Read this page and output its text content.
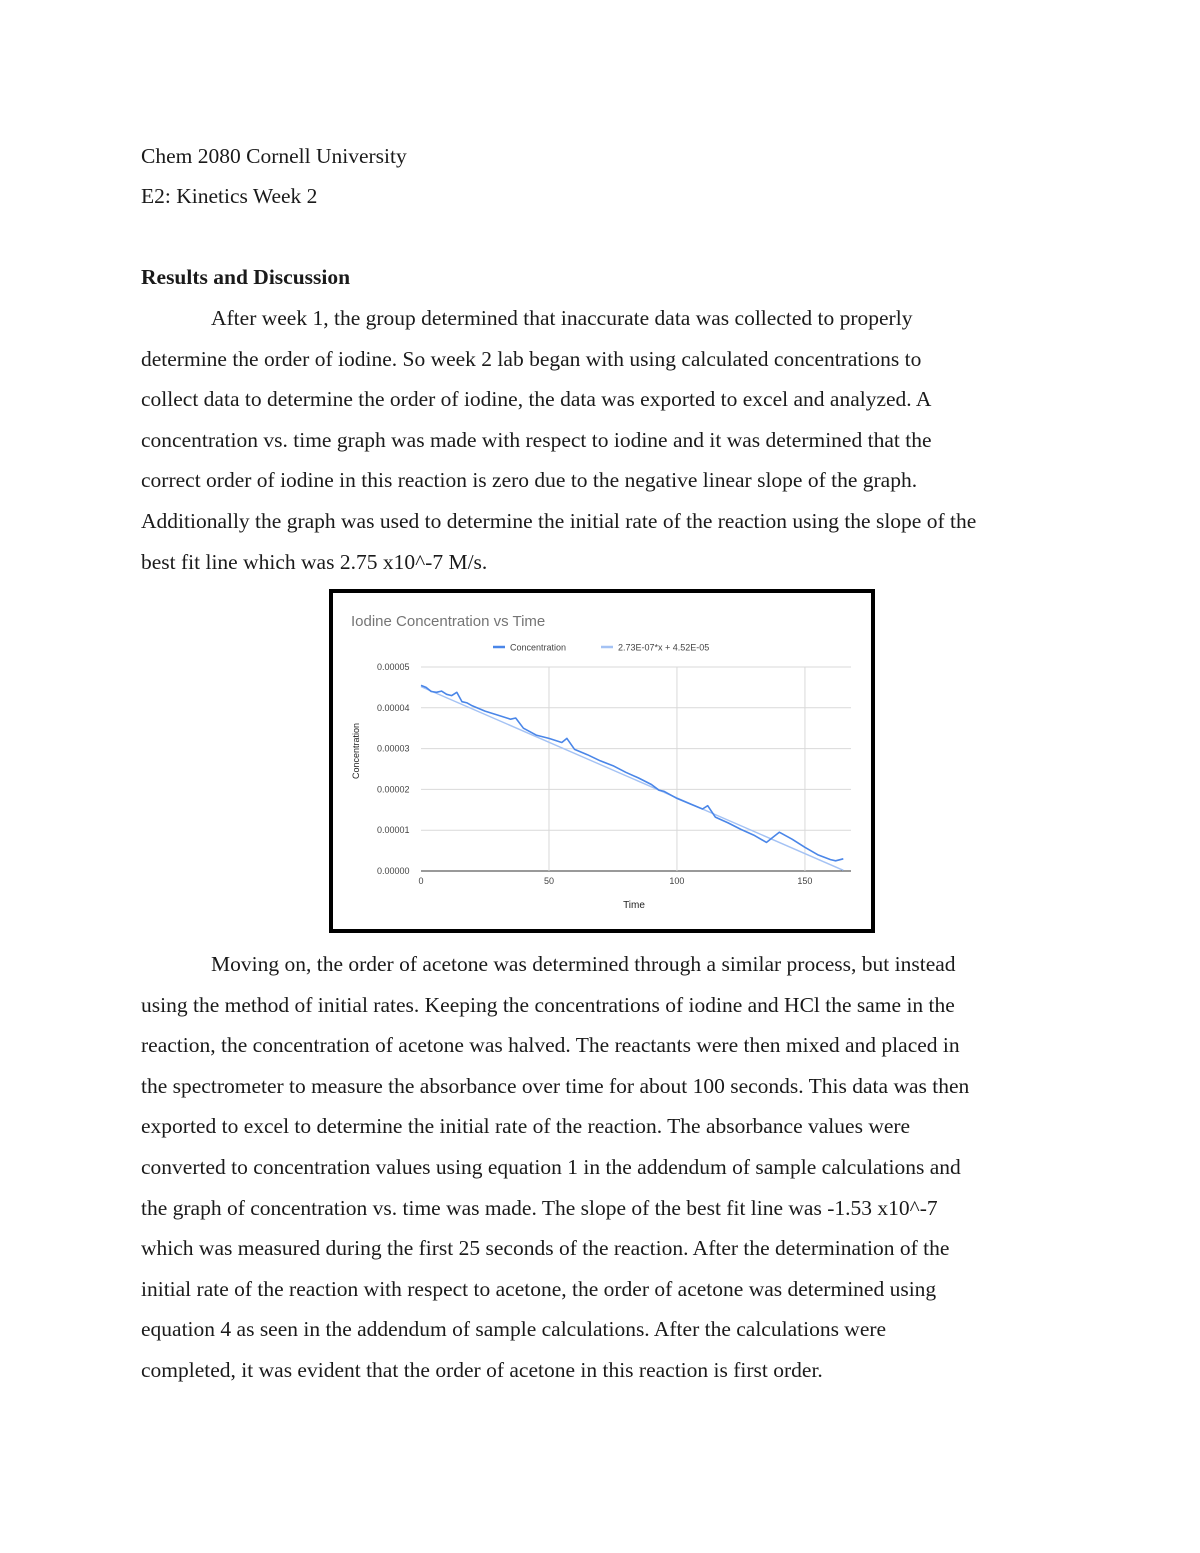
Chem 2080 Cornell University
E2: Kinetics Week 2
Results and Discussion
After week 1, the group determined that inaccurate data was collected to properly
determine the order of iodine. So week 2 lab began with using calculated concentrations to
collect data to determine the order of iodine, the data was exported to excel and analyzed. A
concentration vs. time graph was made with respect to iodine and it was determined that the
correct order of iodine in this reaction is zero due to the negative linear slope of the graph.
Additionally the graph was used to determine the initial rate of the reaction using the slope of the
best fit line which was 2.75 x10^-7 M/s.
Iodine Concentration vs Time
Concentration	2.73E-07*x + 4.52E-05
0.00000
0.00001
0.00002
0.00003
0.00004
0.00005
0	50	100	150
Concentration
Time
Moving on, the order of acetone was determined through a similar process, but instead
using the method of initial rates. Keeping the concentrations of iodine and HCl the same in the
reaction, the concentration of acetone was halved. The reactants were then mixed and placed in
the spectrometer to measure the absorbance over time for about 100 seconds. This data was then
exported to excel to determine the initial rate of the reaction. The absorbance values were
converted to concentration values using equation 1 in the addendum of sample calculations and
the graph of concentration vs. time was made. The slope of the best fit line was -1.53 x10^-7
which was measured during the first 25 seconds of the reaction. After the determination of the
initial rate of the reaction with respect to acetone, the order of acetone was determined using
equation 4 as seen in the addendum of sample calculations. After the calculations were
completed, it was evident that the order of acetone in this reaction is first order.
